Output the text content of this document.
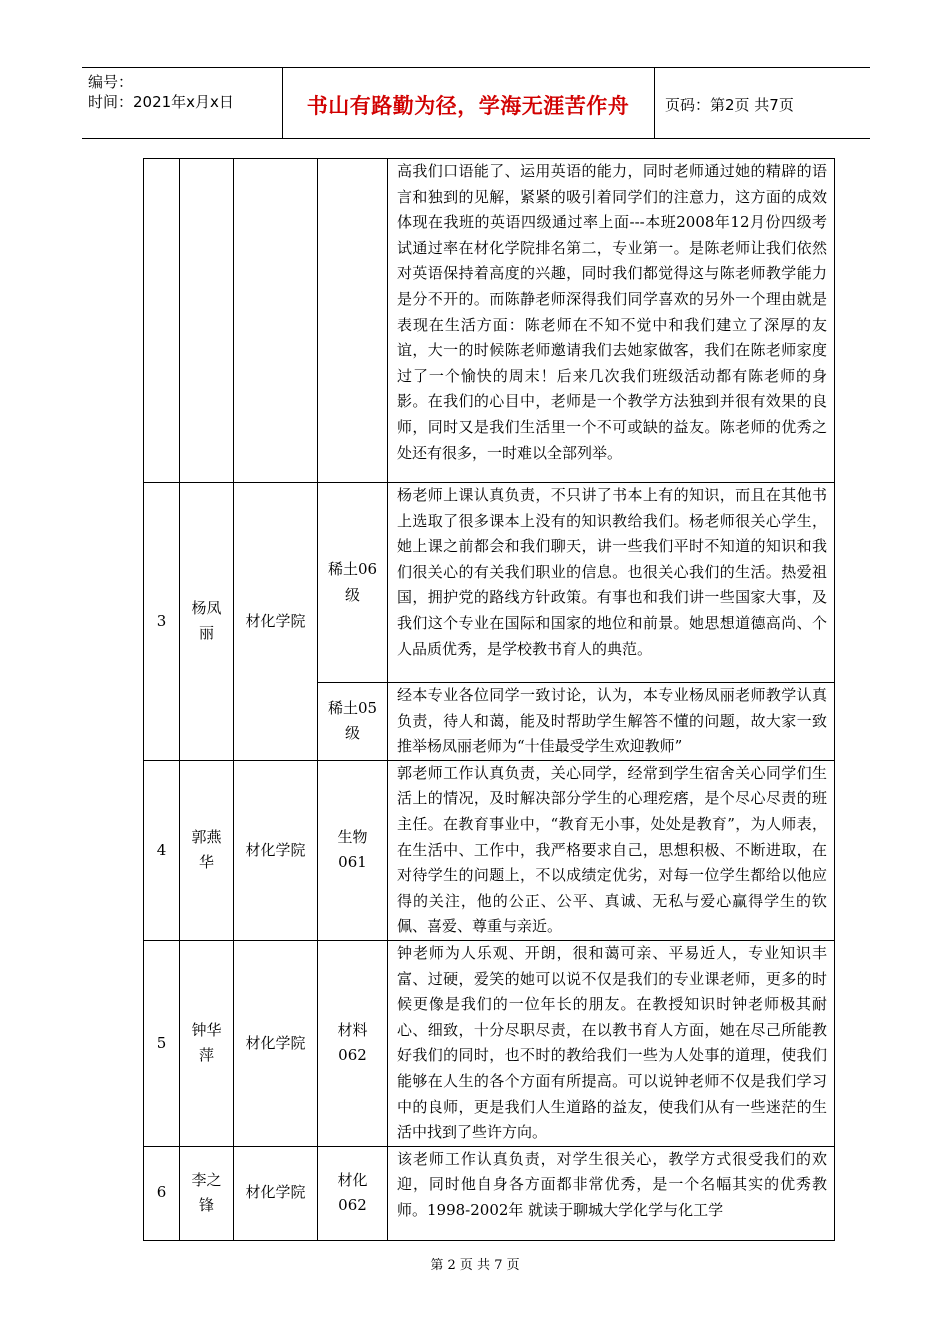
编号：
时间：2021年x月x日	书山有路勤为径，学海无涯苦作舟	页码：第2页 共7页
				高我们口语能了、运用英语的能力，同时老师通过她的精辟的语言和独到的见解，紧紧的吸引着同学们的注意力，这方面的成效体现在我班的英语四级通过率上面---本班2008年12月份四级考试通过率在材化学院排名第二，专业第一。是陈老师让我们依然对英语保持着高度的兴趣，同时我们都觉得这与陈老师教学能力是分不开的。而陈静老师深得我们同学喜欢的另外一个理由就是表现在生活方面：陈老师在不知不觉中和我们建立了深厚的友谊，大一的时候陈老师邀请我们去她家做客，我们在陈老师家度过了一个愉快的周末！后来几次我们班级活动都有陈老师的身影。在我们的心目中，老师是一个教学方法独到并很有效果的良师，同时又是我们生活里一个不可或缺的益友。陈老师的优秀之处还有很多，一时难以全部列举。
3	杨凤丽	材化学院	稀土06级	杨老师上课认真负责，不只讲了书本上有的知识，而且在其他书上选取了很多课本上没有的知识教给我们。杨老师很关心学生，她上课之前都会和我们聊天，讲一些我们平时不知道的知识和我们很关心的有关我们职业的信息。也很关心我们的生活。热爱祖国，拥护党的路线方针政策。有事也和我们讲一些国家大事，及我们这个专业在国际和国家的地位和前景。她思想道德高尚、个人品质优秀，是学校教书育人的典范。

			稀土05级	经本专业各位同学一致讨论，认为，本专业杨凤丽老师教学认真负责，待人和蔼，能及时帮助学生解答不懂的问题，故大家一致推举杨凤丽老师为“十佳最受学生欢迎教师”
4	郭燕华	材化学院	生物061	郭老师工作认真负责，关心同学，经常到学生宿舍关心同学们生活上的情况，及时解决部分学生的心理疙瘩，是个尽心尽责的班主任。在教育事业中，“教育无小事，处处是教育”，为人师表，在生活中、工作中，我严格要求自己，思想积极、不断进取，在对待学生的问题上，不以成绩定优劣，对每一位学生都给以他应得的关注，他的公正、公平、真诚、无私与爱心赢得学生的钦佩、喜爱、尊重与亲近。
5	钟华萍	材化学院	材料062	钟老师为人乐观、开朗，很和蔼可亲、平易近人，专业知识丰富、过硬，爱笑的她可以说不仅是我们的专业课老师，更多的时候更像是我们的一位年长的朋友。在教授知识时钟老师极其耐心、细致，十分尽职尽责，在以教书育人方面，她在尽己所能教好我们的同时，也不时的教给我们一些为人处事的道理，使我们能够在人生的各个方面有所提高。可以说钟老师不仅是我们学习中的良师，更是我们人生道路的益友，使我们从有一些迷茫的生活中找到了些许方向。
6	李之锋	材化学院	材化062	该老师工作认真负责，对学生很关心，教学方式很受我们的欢迎，同时他自身各方面都非常优秀，是一个名幅其实的优秀教师。1998-2002年 就读于聊城大学化学与化工学
第 2 页 共 7 页
